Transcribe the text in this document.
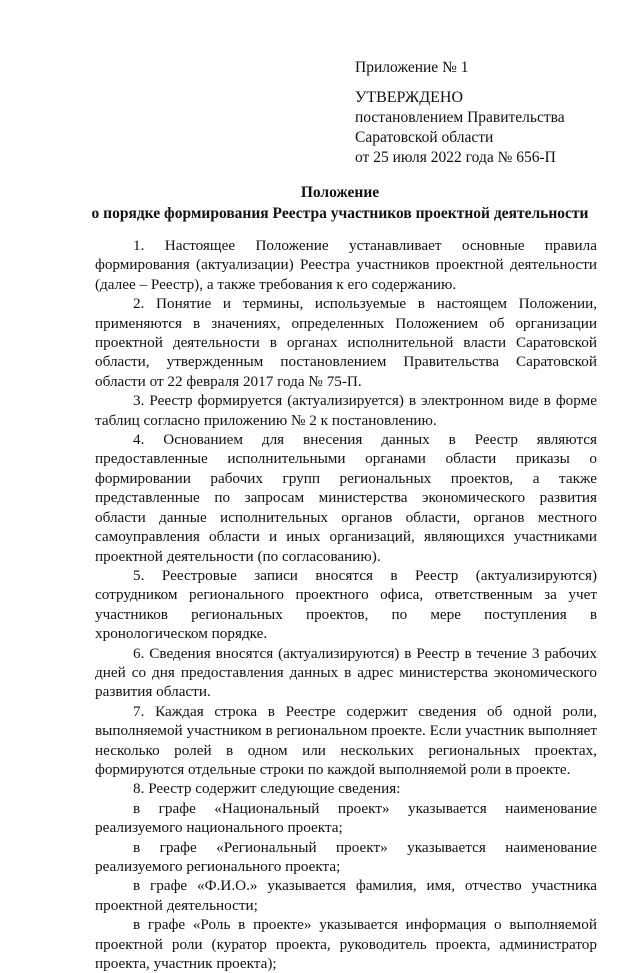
Приложение № 1
УТВЕРЖДЕНО
постановлением Правительства
Саратовской области
от 25 июля 2022 года № 656-П
Положение
о порядке формирования Реестра участников проектной деятельности

1. Настоящее Положение устанавливает основные правила формирования (актуализации) Реестра участников проектной деятельности (далее – Реестр), а также требования к его содержанию.

2. Понятие и термины, используемые в настоящем Положении, применяются в значениях, определенных Положением об организации проектной деятельности в органах исполнительной власти Саратовской области, утвержденным постановлением Правительства Саратовской области от 22 февраля 2017 года № 75-П.

3. Реестр формируется (актуализируется) в электронном виде в форме таблиц согласно приложению № 2 к постановлению.

4. Основанием для внесения данных в Реестр являются предоставленные исполнительными органами области приказы о формировании рабочих групп региональных проектов, а также представленные по запросам министерства экономического развития области данные исполнительных органов области, органов местного самоуправления области и иных организаций, являющихся участниками проектной деятельности (по согласованию).

5. Реестровые записи вносятся в Реестр (актуализируются) сотрудником регионального проектного офиса, ответственным за учет участников региональных проектов, по мере поступления в хронологическом порядке.

6. Сведения вносятся (актуализируются) в Реестр в течение 3 рабочих дней со дня предоставления данных в адрес министерства экономического развития области.

7. Каждая строка в Реестре содержит сведения об одной роли, выполняемой участником в региональном проекте. Если участник выполняет несколько ролей в одном или нескольких региональных проектах, формируются отдельные строки по каждой выполняемой роли в проекте.

8. Реестр содержит следующие сведения:

в графе «Национальный проект» указывается наименование реализуемого национального проекта;

в графе «Региональный проект» указывается наименование реализуемого регионального проекта;

в графе «Ф.И.О.» указывается фамилия, имя, отчество участника проектной деятельности;

в графе «Роль в проекте» указывается информация о выполняемой проектной роли (куратор проекта, руководитель проекта, администратор проекта, участник проекта);
